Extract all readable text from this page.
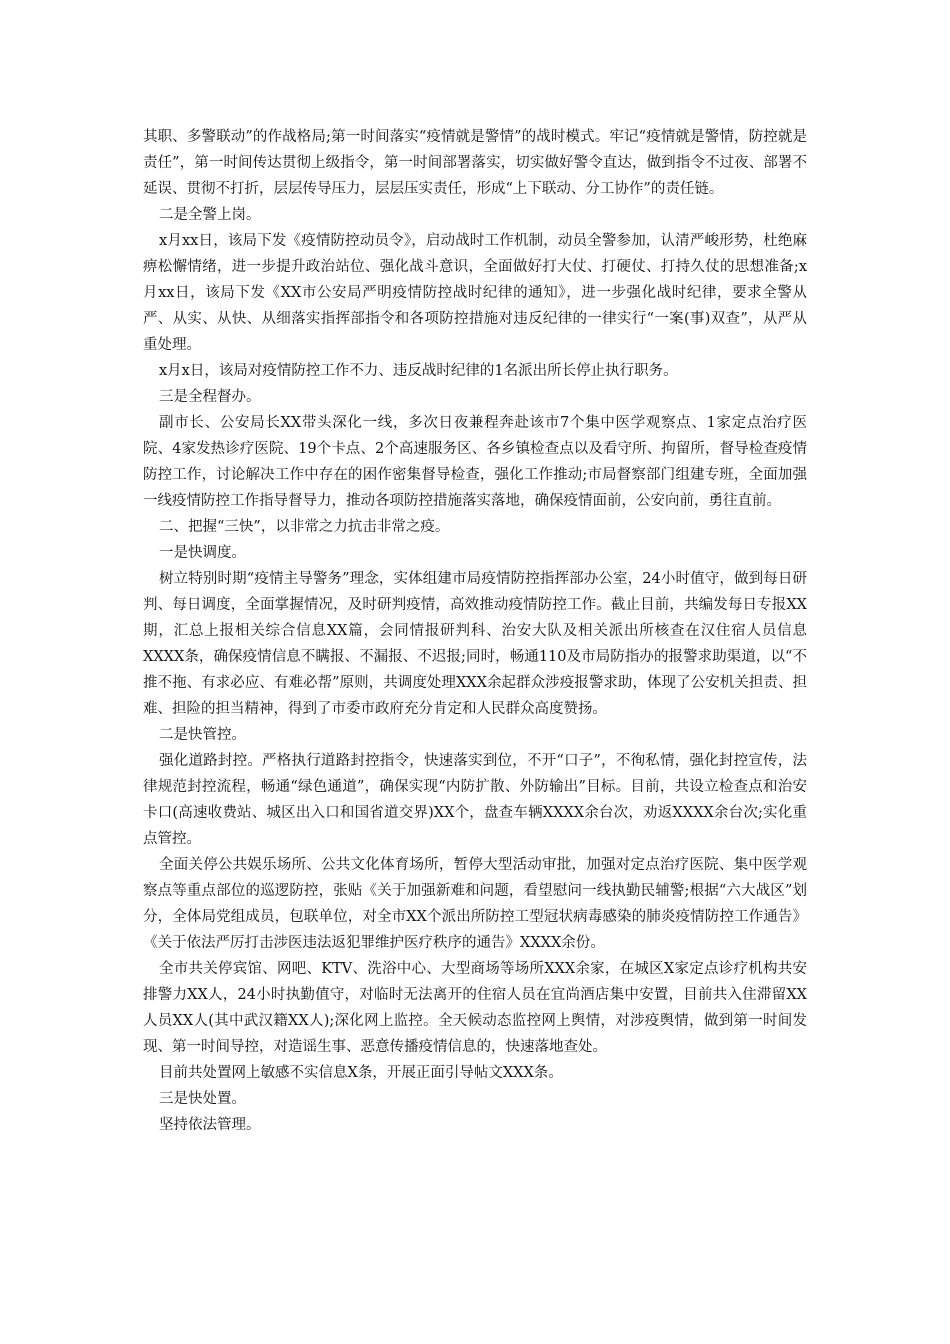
其职、多警联动”的作战格局;第一时间落实“疫情就是警情”的战时模式。牢记“疫情就是警情，防控就是责任”，第一时间传达贯彻上级指令，第一时间部署落实，切实做好警令直达，做到指令不过夜、部署不延误、贯彻不打折，层层传导压力，层层压实责任，形成“上下联动、分工协作”的责任链。

二是全警上岗。

x月xx日，该局下发《疫情防控动员令》，启动战时工作机制，动员全警参加，认清严峻形势，杜绝麻痹松懈情绪，进一步提升政治站位、强化战斗意识，全面做好打大仗、打硬仗、打持久仗的思想准备;x月xx日，该局下发《XX市公安局严明疫情防控战时纪律的通知》，进一步强化战时纪律，要求全警从严、从实、从快、从细落实指挥部指令和各项防控措施对违反纪律的一律实行“一案(事)双查”，从严从重处理。

x月x日，该局对疫情防控工作不力、违反战时纪律的1名派出所长停止执行职务。

三是全程督办。

副市长、公安局长XX带头深化一线，多次日夜兼程奔赴该市7个集中医学观察点、1家定点治疗医院、4家发热诊疗医院、19个卡点、2个高速服务区、各乡镇检查点以及看守所、拘留所，督导检查疫情防控工作，讨论解决工作中存在的困作密集督导检查，强化工作推动;市局督察部门组建专班，全面加强一线疫情防控工作指导督导力，推动各项防控措施落实落地，确保疫情面前，公安向前，勇往直前。

二、把握“三快”，以非常之力抗击非常之疫。

一是快调度。

树立特别时期“疫情主导警务”理念，实体组建市局疫情防控指挥部办公室，24小时值守，做到每日研判、每日调度，全面掌握情况，及时研判疫情，高效推动疫情防控工作。截止目前，共编发每日专报XX期，汇总上报相关综合信息XX篇，会同情报研判科、治安大队及相关派出所核查在汉住宿人员信息XXXX条，确保疫情信息不瞒报、不漏报、不迟报;同时，畅通110及市局防指办的报警求助渠道，以“不推不拖、有求必应、有难必帮”原则，共调度处理XXX余起群众涉疫报警求助，体现了公安机关担责、担难、担险的担当精神，得到了市委市政府充分肯定和人民群众高度赞扬。

二是快管控。

强化道路封控。严格执行道路封控指令，快速落实到位，不开“口子”，不徇私情，强化封控宣传，法律规范封控流程，畅通“绿色通道”，确保实现“内防扩散、外防输出”目标。目前，共设立检查点和治安卡口(高速收费站、城区出入口和国省道交界)XX个，盘查车辆XXXX余台次，劝返XXXX余台次;实化重点管控。

全面关停公共娱乐场所、公共文化体育场所，暂停大型活动审批，加强对定点治疗医院、集中医学观察点等重点部位的巡逻防控，张贴《关于加强新难和问题，看望慰问一线执勤民辅警;根据“六大战区”划分，全体局党组成员，包联单位，对全市XX个派出所防控工型冠状病毒感染的肺炎疫情防控工作通告》《关于依法严厉打击涉医违法返犯罪维护医疗秩序的通告》XXXX余份。

全市共关停宾馆、网吧、KTV、洗浴中心、大型商场等场所XXX余家，在城区X家定点诊疗机构共安排警力XX人，24小时执勤值守，对临时无法离开的住宿人员在宜尚酒店集中安置，目前共入住滞留XX人员XX人(其中武汉籍XX人);深化网上监控。全天候动态监控网上舆情，对涉疫舆情，做到第一时间发现、第一时间导控，对造谣生事、恶意传播疫情信息的，快速落地查处。

目前共处置网上敏感不实信息X条，开展正面引导帖文XXX条。

三是快处置。

坚持依法管理。
